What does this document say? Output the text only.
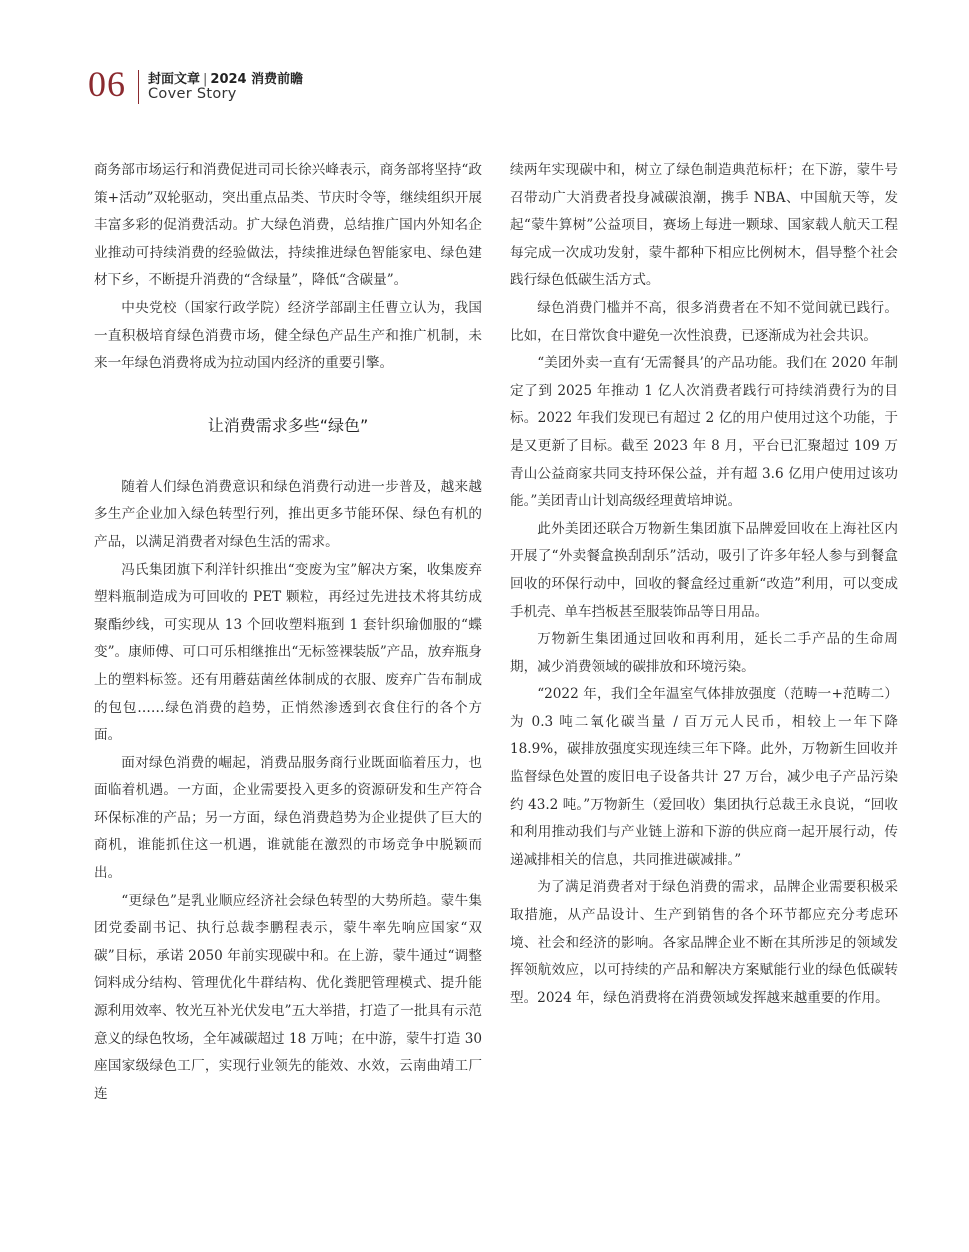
06 封面文章 | 2024 消费前瞻
Cover Story

商务部市场运行和消费促进司司长徐兴峰表示，商务部将坚持“政策+活动”双轮驱动，突出重点品类、节庆时令等，继续组织开展丰富多彩的促消费活动。扩大绿色消费，总结推广国内外知名企业推动可持续消费的经验做法，持续推进绿色智能家电、绿色建材下乡，不断提升消费的“含绿量”，降低“含碳量”。

中央党校（国家行政学院）经济学部副主任曹立认为，我国一直积极培育绿色消费市场，健全绿色产品生产和推广机制，未来一年绿色消费将成为拉动国内经济的重要引擎。

让消费需求多些“绿色”

随着人们绿色消费意识和绿色消费行动进一步普及，越来越多生产企业加入绿色转型行列，推出更多节能环保、绿色有机的产品，以满足消费者对绿色生活的需求。

冯氏集团旗下利洋针织推出“变废为宝”解决方案，收集废弃塑料瓶制造成为可回收的 PET 颗粒，再经过先进技术将其纺成聚酯纱线，可实现从 13 个回收塑料瓶到 1 套针织瑜伽服的“蝶变”。康师傅、可口可乐相继推出“无标签裸装版”产品，放弃瓶身上的塑料标签。还有用蘑菇菌丝体制成的衣服、废弃广告布制成的包包……绿色消费的趋势，正悄然渗透到衣食住行的各个方面。

面对绿色消费的崛起，消费品服务商行业既面临着压力，也面临着机遇。一方面，企业需要投入更多的资源研发和生产符合环保标准的产品；另一方面，绿色消费趋势为企业提供了巨大的商机，谁能抓住这一机遇，谁就能在激烈的市场竞争中脱颖而出。

“更绿色”是乳业顺应经济社会绿色转型的大势所趋。蒙牛集团党委副书记、执行总裁李鹏程表示，蒙牛率先响应国家“双碳”目标，承诺 2050 年前实现碳中和。在上游，蒙牛通过“调整饲料成分结构、管理优化牛群结构、优化粪肥管理模式、提升能源利用效率、牧光互补光伏发电”五大举措，打造了一批具有示范意义的绿色牧场，全年减碳超过 18 万吨；在中游，蒙牛打造 30 座国家级绿色工厂，实现行业领先的能效、水效，云南曲靖工厂连

续两年实现碳中和，树立了绿色制造典范标杆；在下游，蒙牛号召带动广大消费者投身减碳浪潮，携手 NBA、中国航天等，发起“蒙牛算树”公益项目，赛场上每进一颗球、国家载人航天工程每完成一次成功发射，蒙牛都种下相应比例树木，倡导整个社会践行绿色低碳生活方式。

绿色消费门槛并不高，很多消费者在不知不觉间就已践行。比如，在日常饮食中避免一次性浪费，已逐渐成为社会共识。

“美团外卖一直有‘无需餐具’的产品功能。我们在 2020 年制定了到 2025 年推动 1 亿人次消费者践行可持续消费行为的目标。2022 年我们发现已有超过 2 亿的用户使用过这个功能，于是又更新了目标。截至 2023 年 8 月，平台已汇聚超过 109 万青山公益商家共同支持环保公益，并有超 3.6 亿用户使用过该功能。”美团青山计划高级经理黄培坤说。

此外美团还联合万物新生集团旗下品牌爱回收在上海社区内开展了“外卖餐盒换刮刮乐”活动，吸引了许多年轻人参与到餐盒回收的环保行动中，回收的餐盒经过重新“改造”利用，可以变成手机壳、单车挡板甚至服装饰品等日用品。

万物新生集团通过回收和再利用，延长二手产品的生命周期，减少消费领域的碳排放和环境污染。

“2022 年，我们全年温室气体排放强度（范畴一+范畴二）为 0.3 吨二氧化碳当量 / 百万元人民币，相较上一年下降 18.9%，碳排放强度实现连续三年下降。此外，万物新生回收并监督绿色处置的废旧电子设备共计 27 万台，减少电子产品污染约 43.2 吨。”万物新生（爱回收）集团执行总裁王永良说，“回收和利用推动我们与产业链上游和下游的供应商一起开展行动，传递减排相关的信息，共同推进碳减排。”

为了满足消费者对于绿色消费的需求，品牌企业需要积极采取措施，从产品设计、生产到销售的各个环节都应充分考虑环境、社会和经济的影响。各家品牌企业不断在其所涉足的领域发挥领航效应，以可持续的产品和解决方案赋能行业的绿色低碳转型。2024 年，绿色消费将在消费领域发挥越来越重要的作用。
